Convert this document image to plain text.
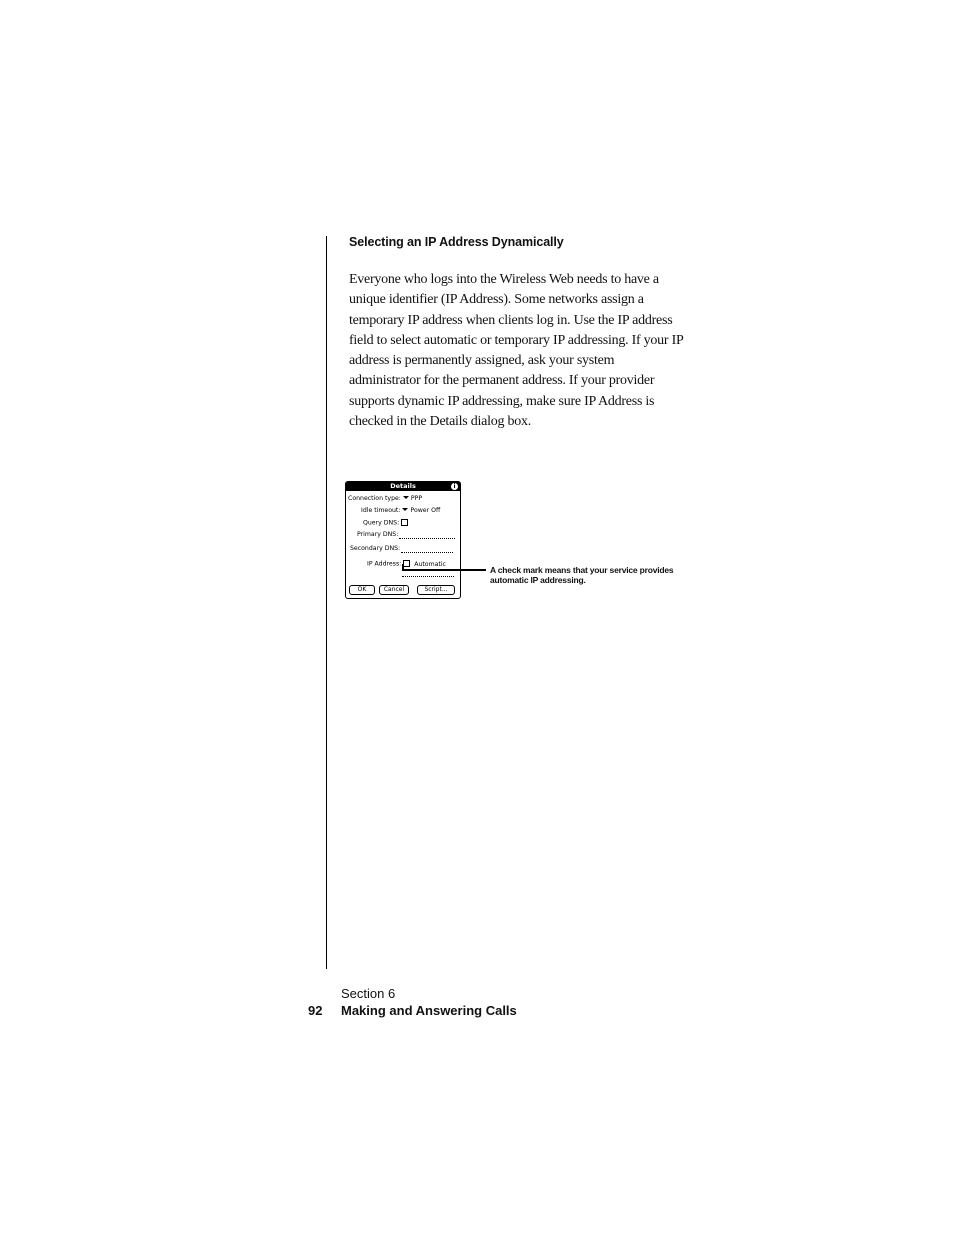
Selecting an IP Address Dynamically
Everyone who logs into the Wireless Web needs to have a
unique identifier (IP Address). Some networks assign a
temporary IP address when clients log in. Use the IP address
field to select automatic or temporary IP addressing. If your IP
address is permanently assigned, ask your system
administrator for the permanent address. If your provider
supports dynamic IP addressing, make sure IP Address is
checked in the Details dialog box.
Details	i
Connection type: PPP
Idle timeout: Power Off
Query DNS:
Primary DNS:
Secondary DNS:
IP Address: Automatic
OK	Cancel	Script...
A check mark means that your service provides
automatic IP addressing.
Section 6
92 Making and Answering Calls
